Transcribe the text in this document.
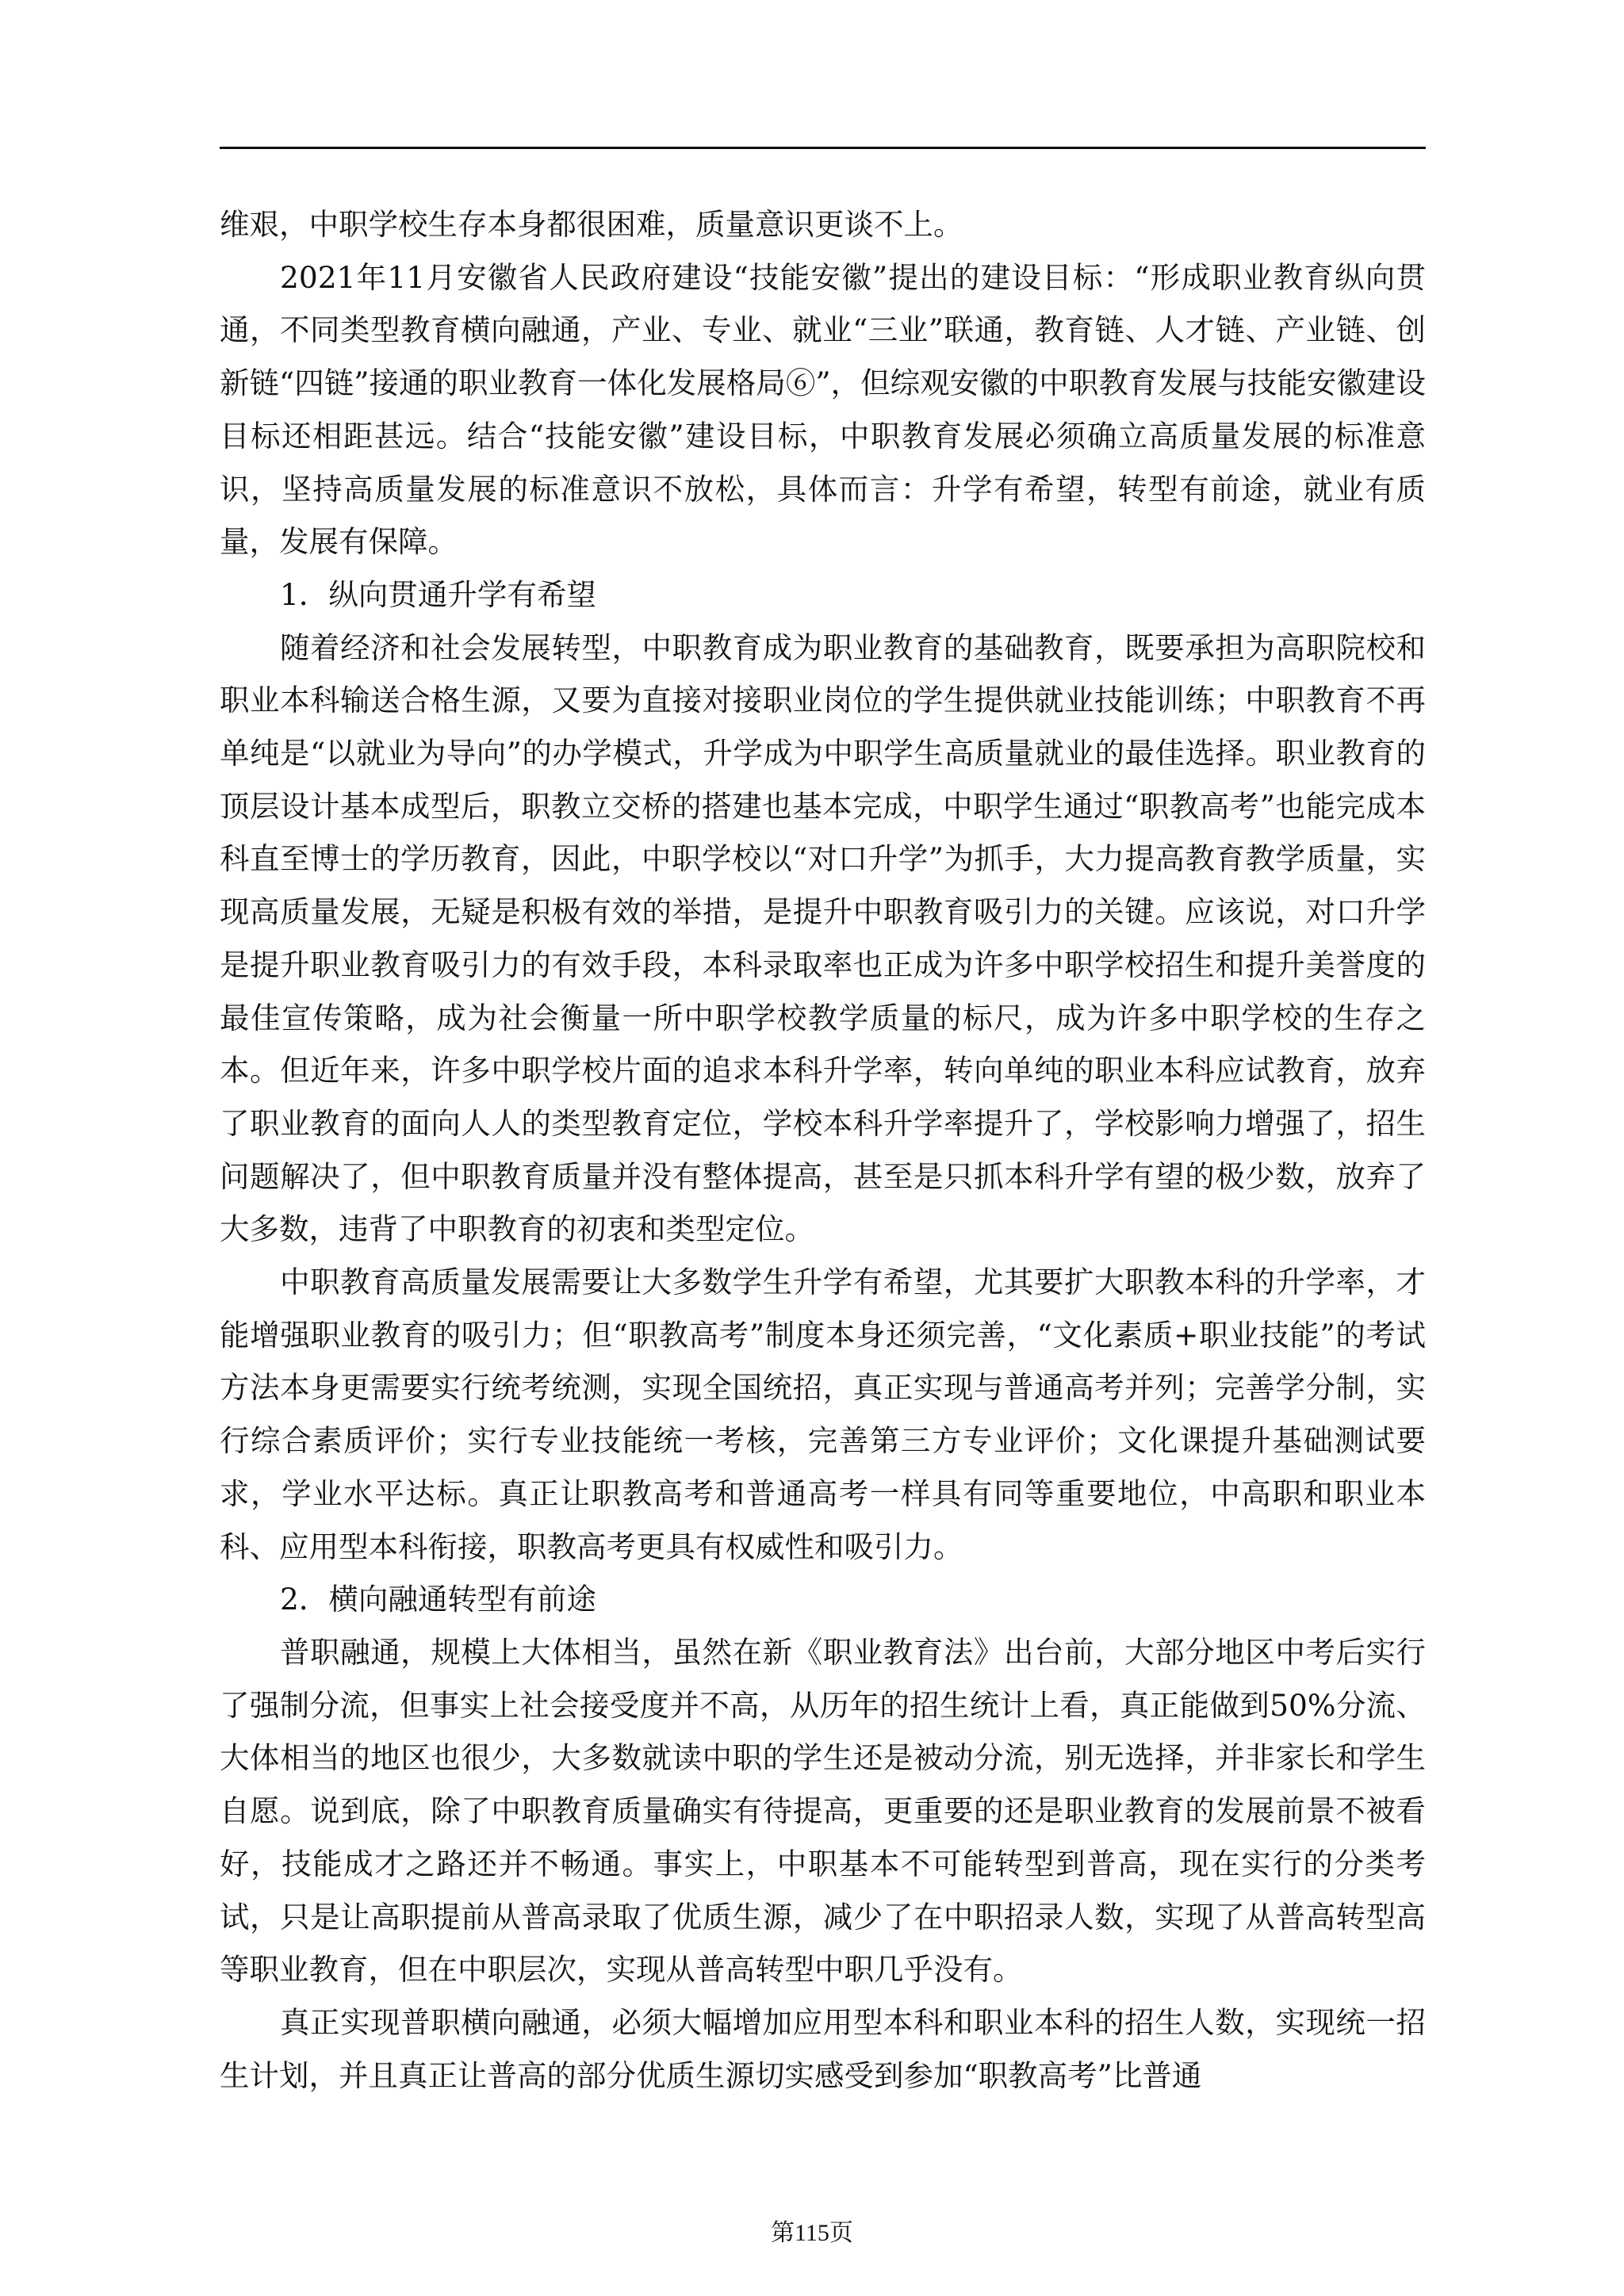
维艰，中职学校生存本身都很困难，质量意识更谈不上。

2021年11月安徽省人民政府建设“技能安徽”提出的建设目标：“形成职业教育纵向贯通，不同类型教育横向融通，产业、专业、就业“三业”联通，教育链、人才链、产业链、创新链“四链”接通的职业教育一体化发展格局⑥”，但综观安徽的中职教育发展与技能安徽建设目标还相距甚远。结合“技能安徽”建设目标，中职教育发展必须确立高质量发展的标准意识，坚持高质量发展的标准意识不放松，具体而言：升学有希望，转型有前途，就业有质量，发展有保障。

1．纵向贯通升学有希望

随着经济和社会发展转型，中职教育成为职业教育的基础教育，既要承担为高职院校和职业本科输送合格生源，又要为直接对接职业岗位的学生提供就业技能训练；中职教育不再单纯是“以就业为导向”的办学模式，升学成为中职学生高质量就业的最佳选择。职业教育的顶层设计基本成型后，职教立交桥的搭建也基本完成，中职学生通过“职教高考”也能完成本科直至博士的学历教育，因此，中职学校以“对口升学”为抓手，大力提高教育教学质量，实现高质量发展，无疑是积极有效的举措，是提升中职教育吸引力的关键。应该说，对口升学是提升职业教育吸引力的有效手段，本科录取率也正成为许多中职学校招生和提升美誉度的最佳宣传策略，成为社会衡量一所中职学校教学质量的标尺，成为许多中职学校的生存之本。但近年来，许多中职学校片面的追求本科升学率，转向单纯的职业本科应试教育，放弃了职业教育的面向人人的类型教育定位，学校本科升学率提升了，学校影响力增强了，招生问题解决了，但中职教育质量并没有整体提高，甚至是只抓本科升学有望的极少数，放弃了大多数，违背了中职教育的初衷和类型定位。

中职教育高质量发展需要让大多数学生升学有希望，尤其要扩大职教本科的升学率，才能增强职业教育的吸引力；但“职教高考”制度本身还须完善，“文化素质+职业技能”的考试方法本身更需要实行统考统测，实现全国统招，真正实现与普通高考并列；完善学分制，实行综合素质评价；实行专业技能统一考核，完善第三方专业评价；文化课提升基础测试要求，学业水平达标。真正让职教高考和普通高考一样具有同等重要地位，中高职和职业本科、应用型本科衔接，职教高考更具有权威性和吸引力。

2．横向融通转型有前途

普职融通，规模上大体相当，虽然在新《职业教育法》出台前，大部分地区中考后实行了强制分流，但事实上社会接受度并不高，从历年的招生统计上看，真正能做到50%分流、大体相当的地区也很少，大多数就读中职的学生还是被动分流，别无选择，并非家长和学生自愿。说到底，除了中职教育质量确实有待提高，更重要的还是职业教育的发展前景不被看好，技能成才之路还并不畅通。事实上，中职基本不可能转型到普高，现在实行的分类考试，只是让高职提前从普高录取了优质生源，减少了在中职招录人数，实现了从普高转型高等职业教育，但在中职层次，实现从普高转型中职几乎没有。

真正实现普职横向融通，必须大幅增加应用型本科和职业本科的招生人数，实现统一招生计划，并且真正让普高的部分优质生源切实感受到参加“职教高考”比普通

第115页
